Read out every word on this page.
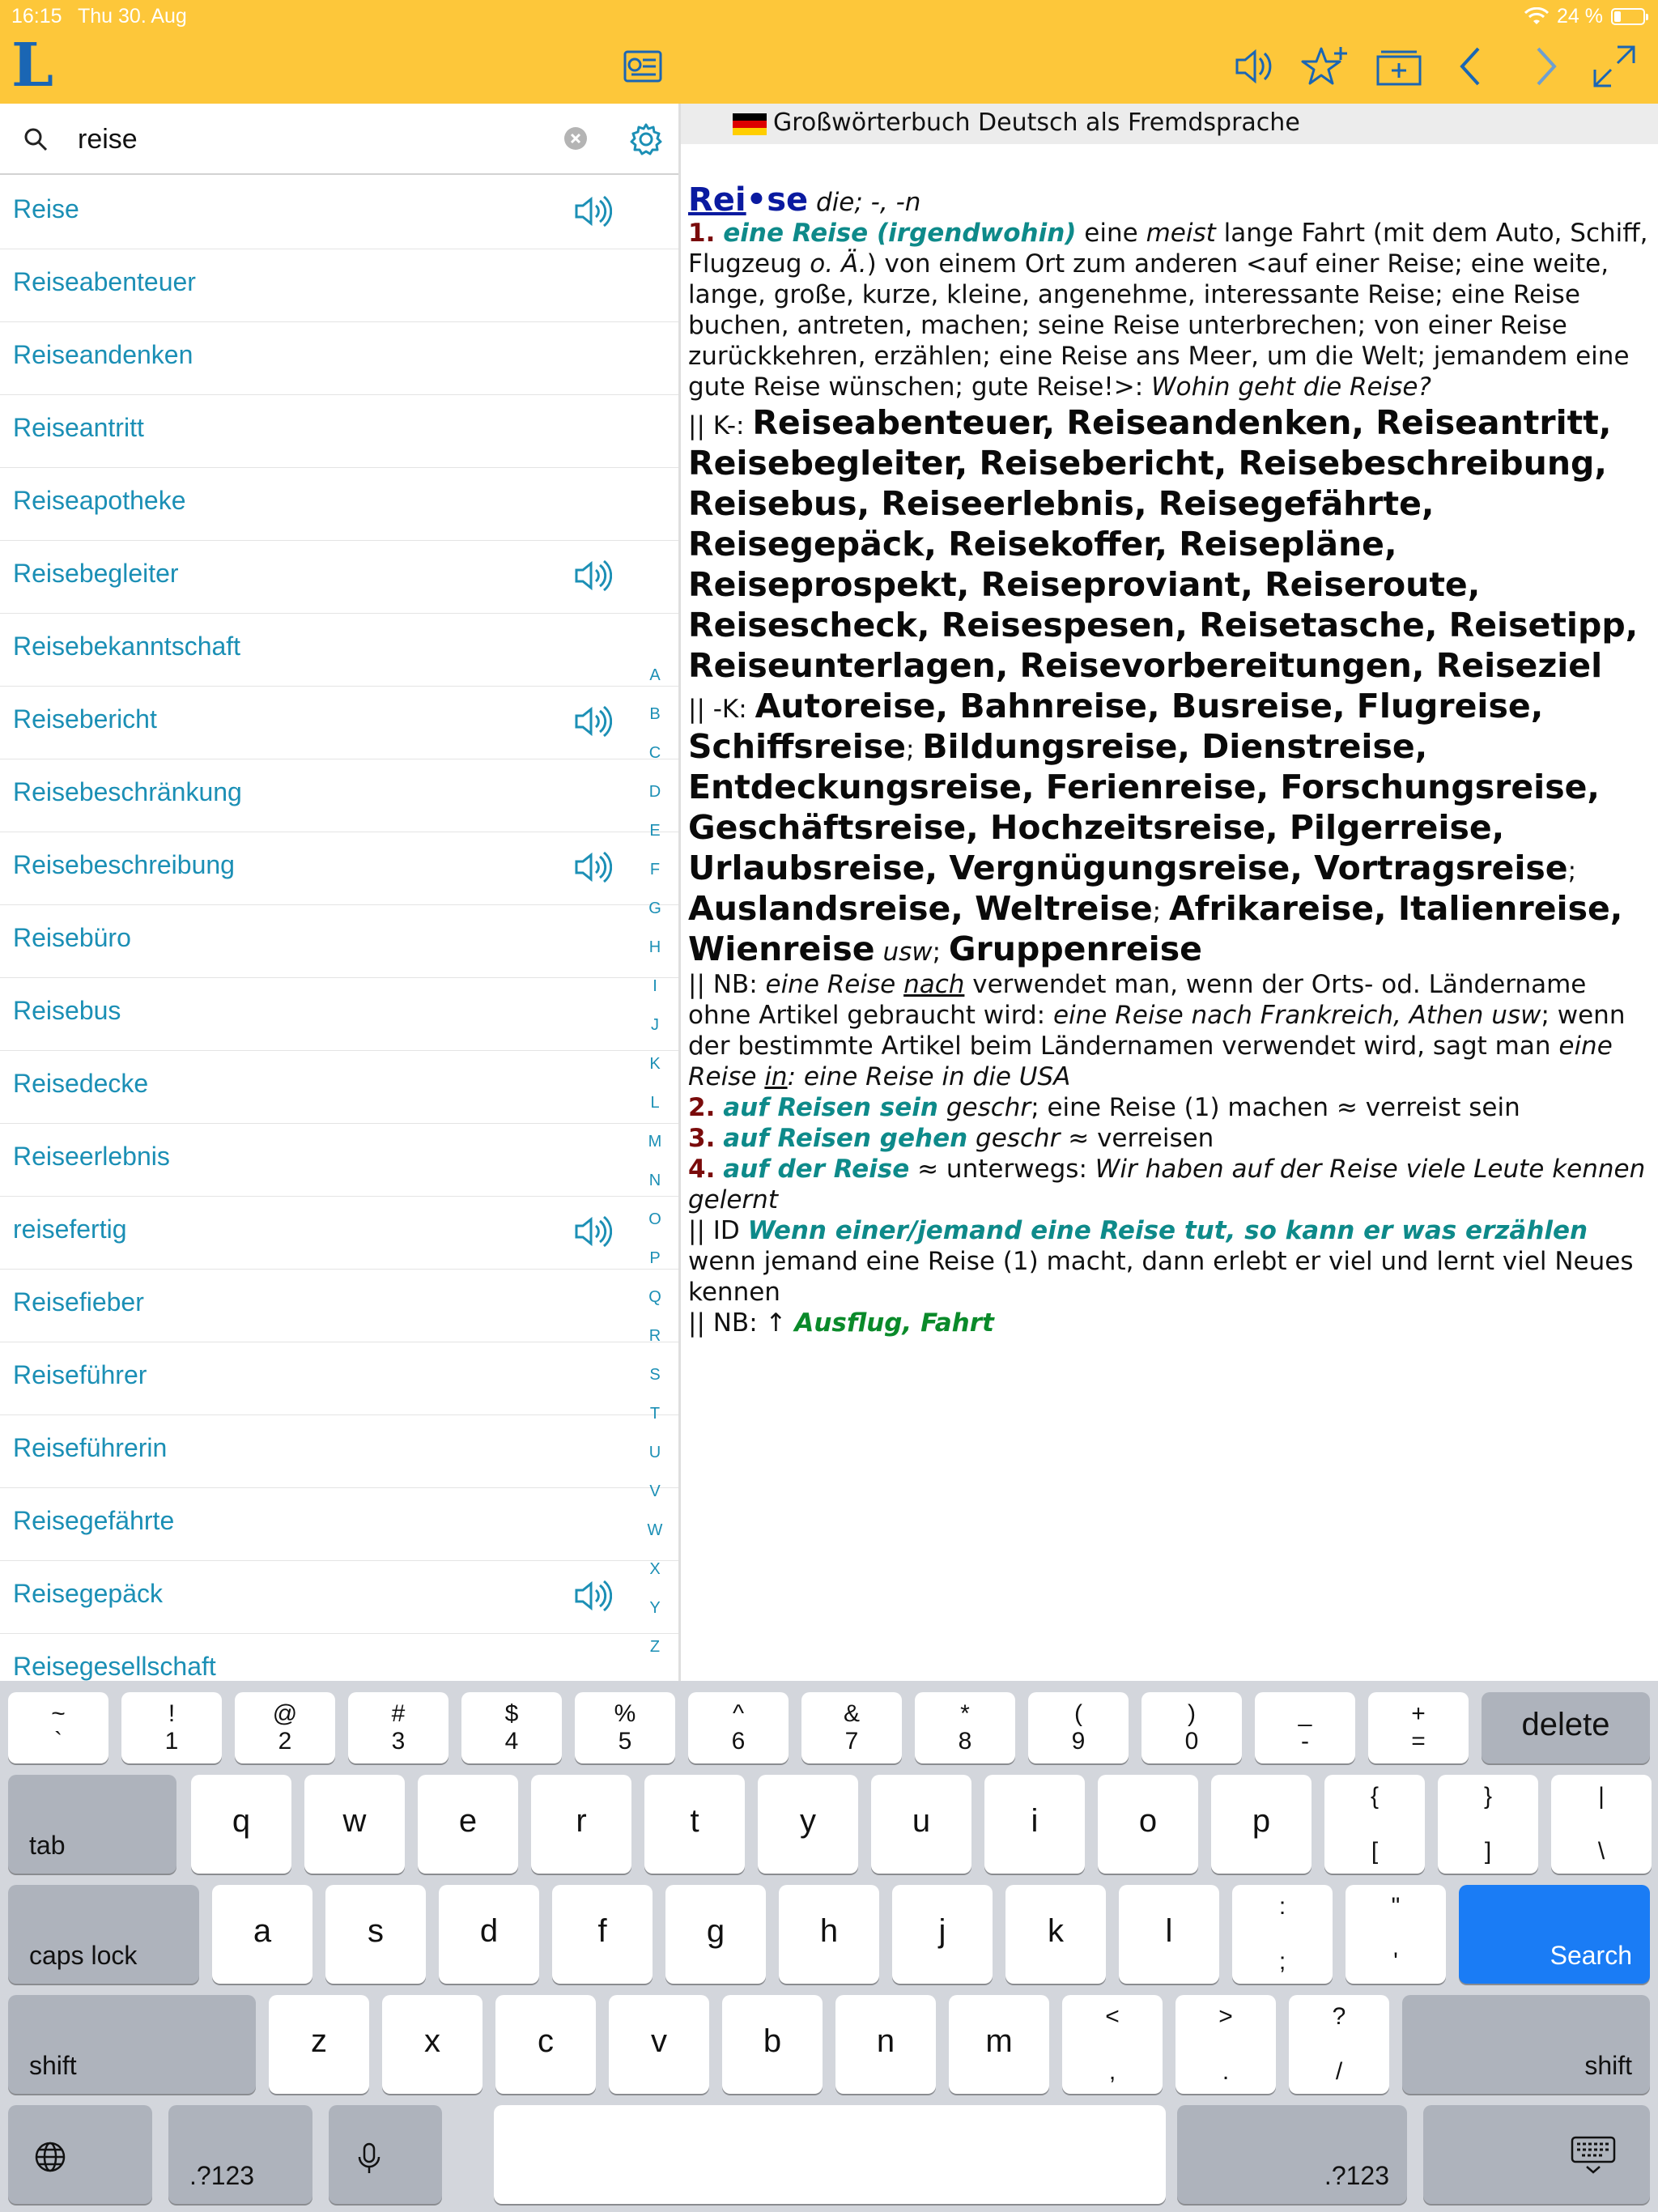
16:15 Thu 30. Aug	24 %
L
reise
Reise
Reiseabenteuer
Reiseandenken
Reiseantritt
Reiseapotheke
Reisebegleiter
Reisebekanntschaft
Reisebericht
Reisebeschränkung
Reisebeschreibung
Reisebüro
Reisebus
Reisedecke
Reiseerlebnis
reisefertig
Reisefieber
Reiseführer
Reiseführerin
Reisegefährte
Reisegepäck
Reisegesellschaft
A
B
C
D
E
F
G
H
I
J
K
L
M
N
O
P
Q
R
S
T
U
V
W
X
Y
Z
Großwörterbuch Deutsch als Fremdsprache
Rei•se die; -, -n
1. eine Reise (irgendwohin) eine meist lange Fahrt (mit dem Auto, Schiff, Flugzeug o. Ä.) von einem Ort zum anderen <auf einer Reise; eine weite, lange, große, kurze, kleine, angenehme, interessante Reise; eine Reise buchen, antreten, machen; seine Reise unterbrechen; von einer Reise zurückkehren, erzählen; eine Reise ans Meer, um die Welt; jemandem eine gute Reise wünschen; gute Reise!>: Wohin geht die Reise?
|| K-: Reiseabenteuer, Reiseandenken, Reiseantritt, Reisebegleiter, Reisebericht, Reisebeschreibung, Reisebus, Reiseerlebnis, Reisegefährte, Reisegepäck, Reisekoffer, Reisepläne, Reiseprospekt, Reiseproviant, Reiseroute, Reisescheck, Reisespesen, Reisetasche, Reisetipp, Reiseunterlagen, Reisevorbereitungen, Reiseziel
|| -K: Autoreise, Bahnreise, Busreise, Flugreise, Schiffsreise; Bildungsreise, Dienstreise, Entdeckungsreise, Ferienreise, Forschungsreise, Geschäftsreise, Hochzeitsreise, Pilgerreise, Urlaubsreise, Vergnügungsreise, Vortragsreise; Auslandsreise, Weltreise; Afrikareise, Italienreise, Wienreise usw; Gruppenreise
|| NB: eine Reise nach verwendet man, wenn der Orts- od. Ländername ohne Artikel gebraucht wird: eine Reise nach Frankreich, Athen usw; wenn der bestimmte Artikel beim Ländernamen verwendet wird, sagt man eine Reise in: eine Reise in die USA
2. auf Reisen sein geschr; eine Reise (1) machen ≈ verreist sein
3. auf Reisen gehen geschr ≈ verreisen
4. auf der Reise ≈ unterwegs: Wir haben auf der Reise viele Leute kennen gelernt
|| ID Wenn einer/jemand eine Reise tut, so kann er was erzählen
wenn jemand eine Reise (1) macht, dann erlebt er viel und lernt viel Neues kennen
|| NB: ↑ Ausflug, Fahrt
~
`
!
1
@
2
#
3
$
4
%
5
^
6
&
7
*
8
(
9
)
0
_
-
+
=	delete
tab
q	w	e	r	t	y	u	i	o	p
{
[
}
]
|
\
caps lock
a	s	d	f	g	h	j	k	l
:
;
"
'	Search
shift
z	x	c	v	b	n	m
<
,
>
.
?
/	shift
.?123	.?123
